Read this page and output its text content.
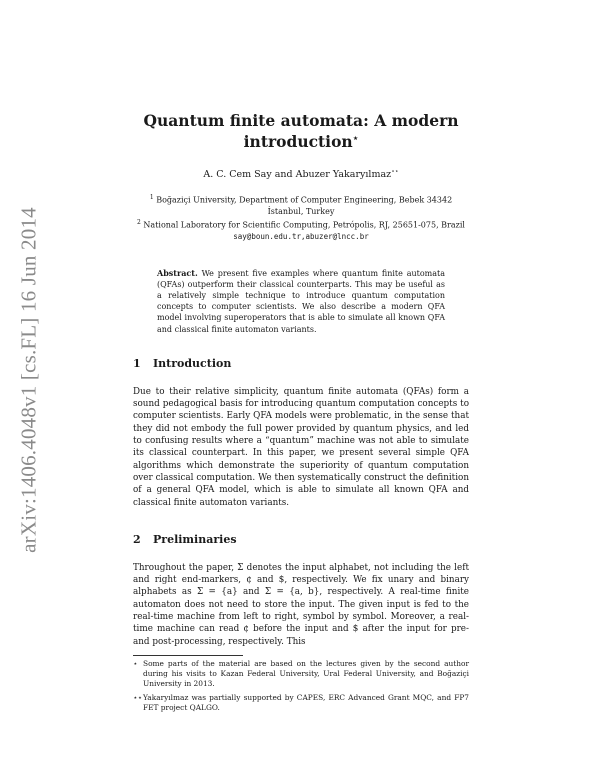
arXiv:1406.4048v1 [cs.FL] 16 Jun 2014
Quantum finite automata: A modern introduction⋆
A. C. Cem Say and Abuzer Yakaryılmaz⋆⋆
$^1$ Boğaziçi University, Department of Computer Engineering, Bebek 34342 İstanbul, Turkey
$^2$ National Laboratory for Scientific Computing, Petrópolis, RJ, 25651-075, Brazil
say@boun.edu.tr,abuzer@lncc.br
Abstract. We present five examples where quantum finite automata (QFAs) outperform their classical counterparts. This may be useful as a relatively simple technique to introduce quantum computation concepts to computer scientists. We also describe a modern QFA model involving superoperators that is able to simulate all known QFA and classical finite automaton variants.
1 Introduction
Due to their relative simplicity, quantum finite automata (QFAs) form a sound pedagogical basis for introducing quantum computation concepts to computer scientists. Early QFA models were problematic, in the sense that they did not embody the full power provided by quantum physics, and led to confusing results where a “quantum” machine was not able to simulate its classical counterpart. In this paper, we present several simple QFA algorithms which demonstrate the superiority of quantum computation over classical computation. We then systematically construct the definition of a general QFA model, which is able to simulate all known QFA and classical finite automaton variants.
2 Preliminaries
Throughout the paper, Σ denotes the input alphabet, not including the left and right end-markers, ¢ and $, respectively. We fix unary and binary alphabets as Σ = {a} and Σ = {a, b}, respectively. A real-time finite automaton does not need to store the input. The given input is fed to the real-time machine from left to right, symbol by symbol. Moreover, a real-time machine can read ¢ before the input and $ after the input for pre- and post-processing, respectively. This
⋆ Some parts of the material are based on the lectures given by the second author during his visits to Kazan Federal University, Ural Federal University, and Boğaziçi University in 2013.
⋆⋆ Yakaryılmaz was partially supported by CAPES, ERC Advanced Grant MQC, and FP7 FET project QALGO.
